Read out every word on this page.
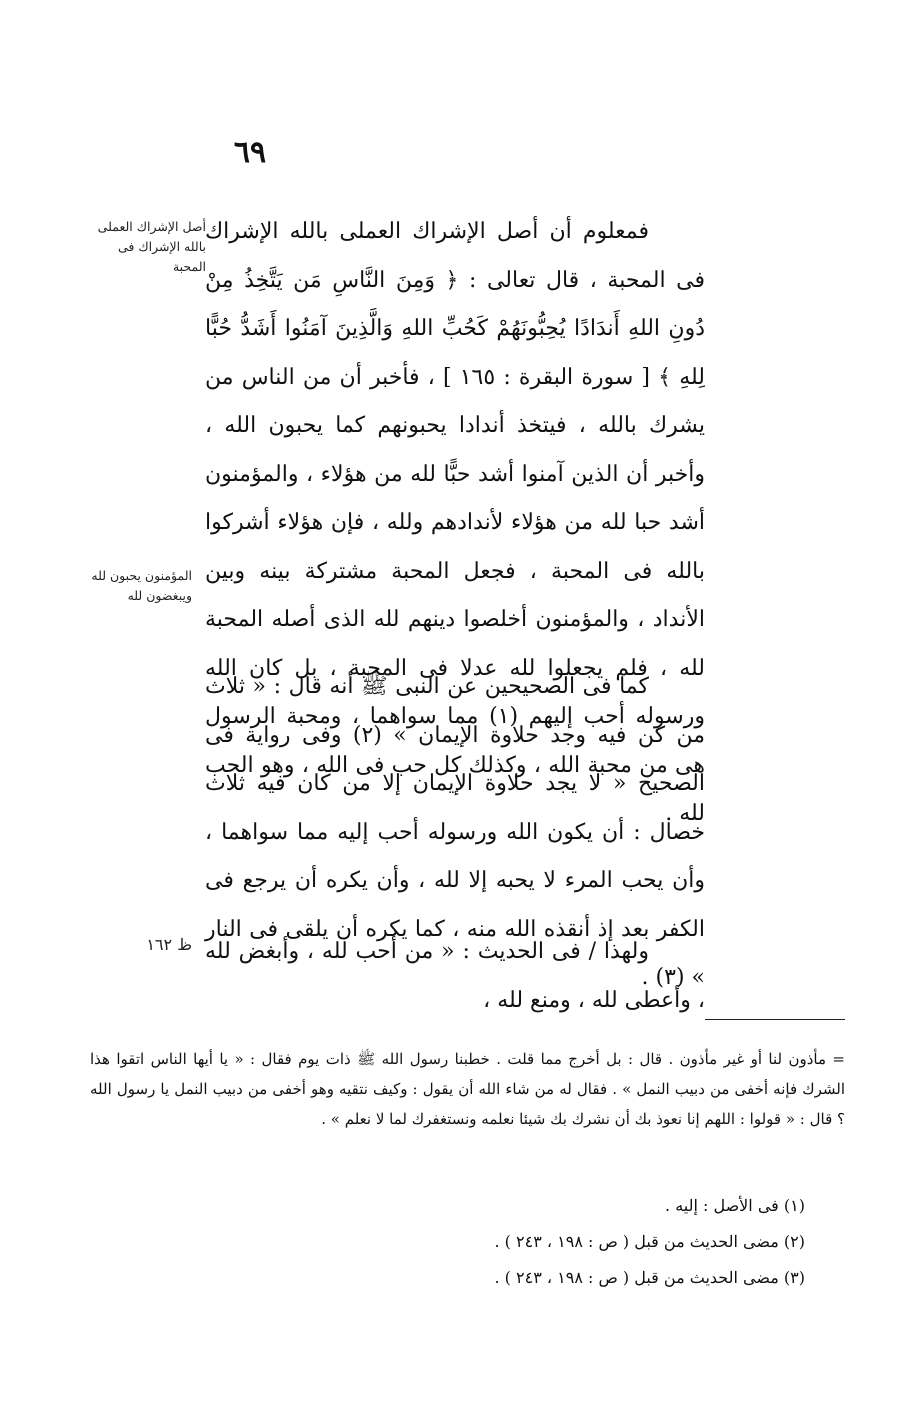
٦٩
أصل الإشراك العملى بالله الإشراك فى المحبة
المؤمنون يحبون لله ويبغضون لله
ظ ١٦٢

فمعلوم أن أصل الإشراك العملى بالله الإشراك فى المحبة ، قال تعالى : ﴿ وَمِنَ النَّاسِ مَن يَتَّخِذُ مِنْ دُونِ اللهِ أَندَادًا يُحِبُّونَهُمْ كَحُبِّ اللهِ وَالَّذِينَ آمَنُوا أَشَدُّ حُبًّا لِلهِ ﴾ [ سورة البقرة : ١٦٥ ] ، فأخبر أن من الناس من يشرك بالله ، فيتخذ أندادا يحبونهم كما يحبون الله ، وأخبر أن الذين آمنوا أشد حبًّا لله من هؤلاء ، والمؤمنون أشد حبا لله من هؤلاء لأندادهم ولله ، فإن هؤلاء أشركوا بالله فى المحبة ، فجعل المحبة مشتركة بينه وبين الأنداد ، والمؤمنون أخلصوا دينهم لله الذى أصله المحبة لله ، فلم يجعلوا لله عدلا فى المحبة ، بل كان الله ورسوله أحب إليهم (١) مما سواهما ، ومحبة الرسول هى من محبة الله ، وكذلك كل حب فى الله ، وهو الحب لله .

كما فى الصحيحين عن النبى ﷺ أنه قال : « ثلاث من كن فيه وجد حلاوة الإيمان » (٢) وفى رواية فى الصحيح « لا يجد حلاوة الإيمان إلا من كان فيه ثلاث خصال : أن يكون الله ورسوله أحب إليه مما سواهما ، وأن يحب المرء لا يحبه إلا لله ، وأن يكره أن يرجع فى الكفر بعد إذ أنقذه الله منه ، كما يكره أن يلقى فى النار » (٣) .

ولهذا / فى الحديث : « من أحب لله ، وأبغض لله ، وأعطى لله ، ومنع لله ،

= مأذون لنا أو غير مأذون . قال : بل أخرج مما قلت . خطبنا رسول الله ﷺ ذات يوم فقال : « يا أيها الناس اتقوا هذا الشرك فإنه أخفى من دبيب النمل » . فقال له من شاء الله أن يقول : وكيف نتقيه وهو أخفى من دبيب النمل يا رسول الله ؟ قال : « قولوا : اللهم إنا نعوذ بك أن نشرك بك شيئا نعلمه ونستغفرك لما لا نعلم » .

(١) فى الأصل : إليه .
(٢) مضى الحديث من قبل ( ص : ١٩٨ ، ٢٤٣ ) .
(٣) مضى الحديث من قبل ( ص : ١٩٨ ، ٢٤٣ ) .
